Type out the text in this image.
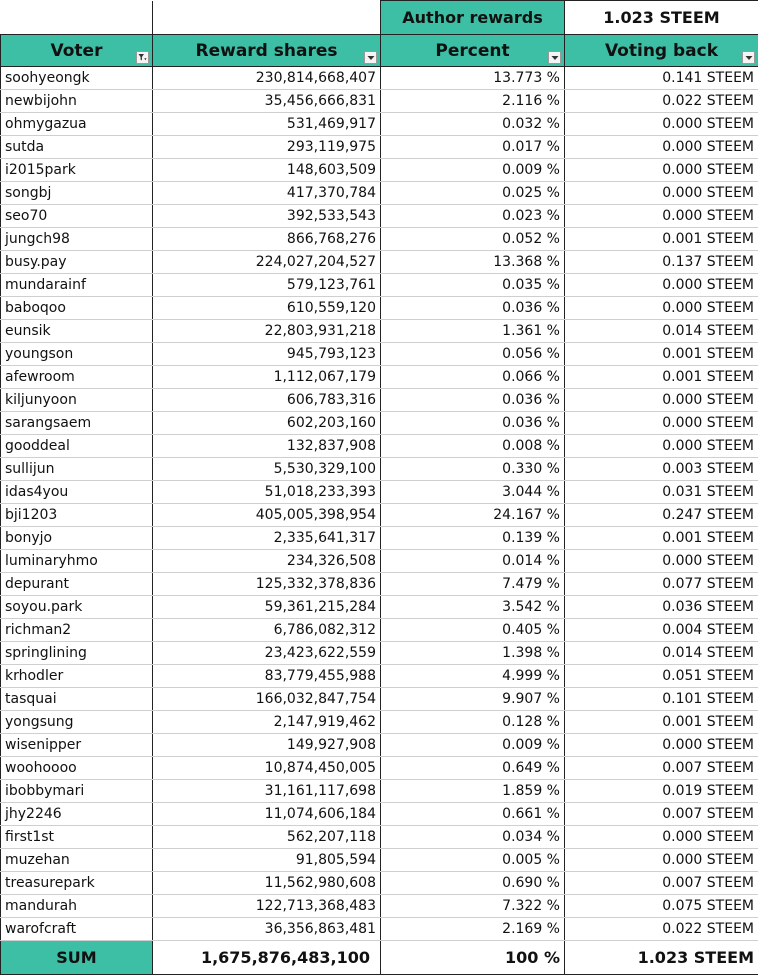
		Author rewards	1.023 STEEM
Voter	Reward shares	Percent	Voting back

soohyeongk	230,814,668,407	13.773 %	0.141 STEEM
newbijohn	35,456,666,831	2.116 %	0.022 STEEM
ohmygazua	531,469,917	0.032 %	0.000 STEEM
sutda	293,119,975	0.017 %	0.000 STEEM
i2015park	148,603,509	0.009 %	0.000 STEEM
songbj	417,370,784	0.025 %	0.000 STEEM
seo70	392,533,543	0.023 %	0.000 STEEM
jungch98	866,768,276	0.052 %	0.001 STEEM
busy.pay	224,027,204,527	13.368 %	0.137 STEEM
mundarainf	579,123,761	0.035 %	0.000 STEEM
baboqoo	610,559,120	0.036 %	0.000 STEEM
eunsik	22,803,931,218	1.361 %	0.014 STEEM
youngson	945,793,123	0.056 %	0.001 STEEM
afewroom	1,112,067,179	0.066 %	0.001 STEEM
kiljunyoon	606,783,316	0.036 %	0.000 STEEM
sarangsaem	602,203,160	0.036 %	0.000 STEEM
gooddeal	132,837,908	0.008 %	0.000 STEEM
sullijun	5,530,329,100	0.330 %	0.003 STEEM
idas4you	51,018,233,393	3.044 %	0.031 STEEM
bji1203	405,005,398,954	24.167 %	0.247 STEEM
bonyjo	2,335,641,317	0.139 %	0.001 STEEM
luminaryhmo	234,326,508	0.014 %	0.000 STEEM
depurant	125,332,378,836	7.479 %	0.077 STEEM
soyou.park	59,361,215,284	3.542 %	0.036 STEEM
richman2	6,786,082,312	0.405 %	0.004 STEEM
springlining	23,423,622,559	1.398 %	0.014 STEEM
krhodler	83,779,455,988	4.999 %	0.051 STEEM
tasquai	166,032,847,754	9.907 %	0.101 STEEM
yongsung	2,147,919,462	0.128 %	0.001 STEEM
wisenipper	149,927,908	0.009 %	0.000 STEEM
woohoooo	10,874,450,005	0.649 %	0.007 STEEM
ibobbymari	31,161,117,698	1.859 %	0.019 STEEM
jhy2246	11,074,606,184	0.661 %	0.007 STEEM
first1st	562,207,118	0.034 %	0.000 STEEM
muzehan	91,805,594	0.005 %	0.000 STEEM
treasurepark	11,562,980,608	0.690 %	0.007 STEEM
mandurah	122,713,368,483	7.322 %	0.075 STEEM
warofcraft	36,356,863,481	2.169 %	0.022 STEEM
SUM	1,675,876,483,100	100 %	1.023 STEEM
